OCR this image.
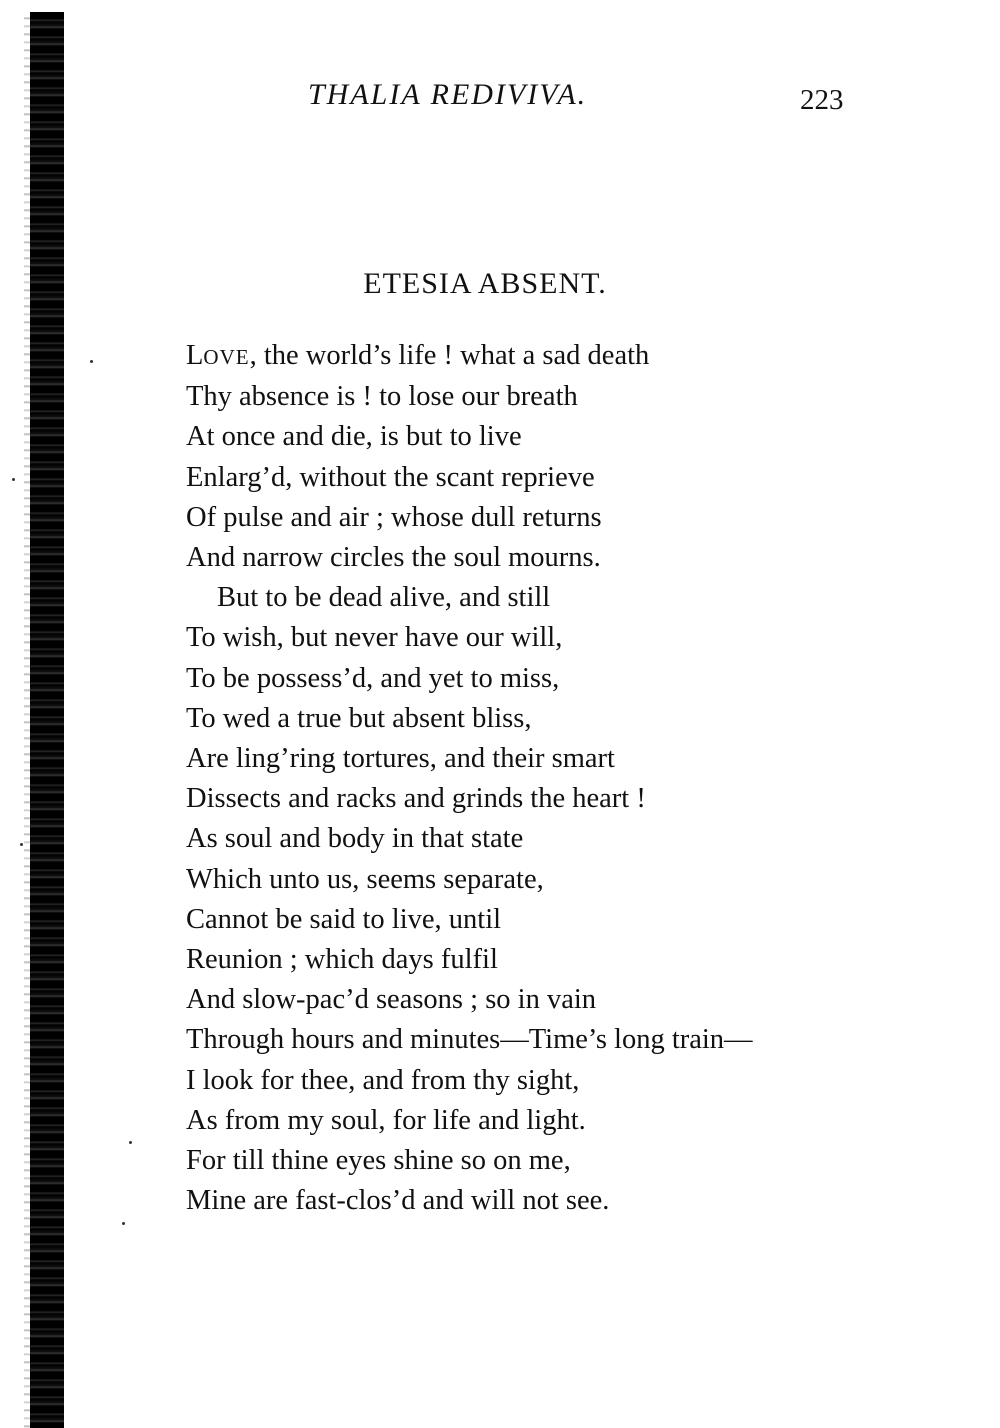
THALIA REDIVIVA.	223
ETESIA ABSENT.
LOVE, the world’s life ! what a sad death
Thy absence is ! to lose our breath
At once and die, is but to live
Enlarg’d, without the scant reprieve
Of pulse and air ; whose dull returns
And narrow circles the soul mourns.
But to be dead alive, and still
To wish, but never have our will,
To be possess’d, and yet to miss,
To wed a true but absent bliss,
Are ling’ring tortures, and their smart
Dissects and racks and grinds the heart !
As soul and body in that state
Which unto us, seems separate,
Cannot be said to live, until
Reunion ; which days fulfil
And slow-pac’d seasons ; so in vain
Through hours and minutes—Time’s long train—
I look for thee, and from thy sight,
As from my soul, for life and light.
For till thine eyes shine so on me,
Mine are fast-clos’d and will not see.
